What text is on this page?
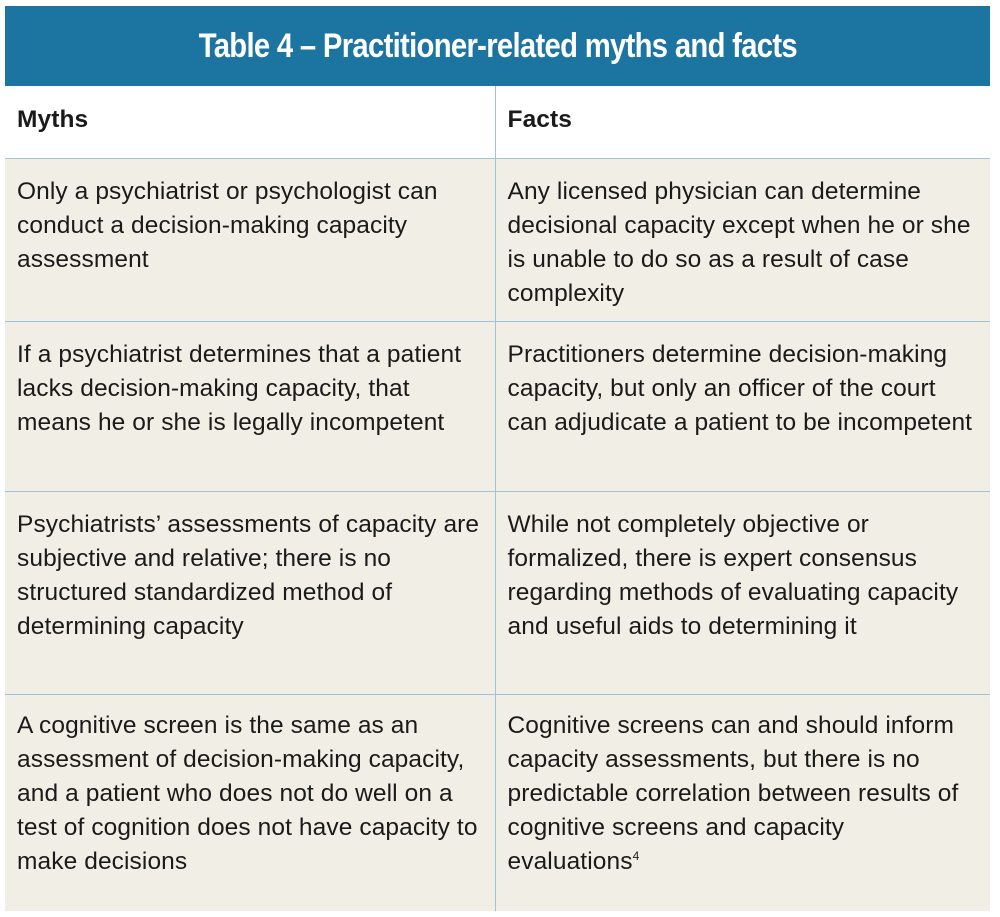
Table 4 – Practitioner-related myths and facts
Myths	Facts
Only a psychiatrist or psychologist can conduct a decision-making capacity assessment	Any licensed physician can determine decisional capacity except when he or she is unable to do so as a result of case complexity
If a psychiatrist determines that a patient lacks decision-making capacity, that means he or she is legally incompetent	Practitioners determine decision-making capacity, but only an officer of the court can adjudicate a patient to be incompetent
Psychiatrists’ assessments of capacity are subjective and relative; there is no structured standardized method of determining capacity	While not completely objective or formalized, there is expert consensus regarding methods of evaluating capacity and useful aids to determining it
A cognitive screen is the same as an assessment of decision-making capacity, and a patient who does not do well on a test of cognition does not have capacity to make decisions	Cognitive screens can and should inform capacity assessments, but there is no predictable correlation between results of cognitive screens and capacity evaluations$^4$
